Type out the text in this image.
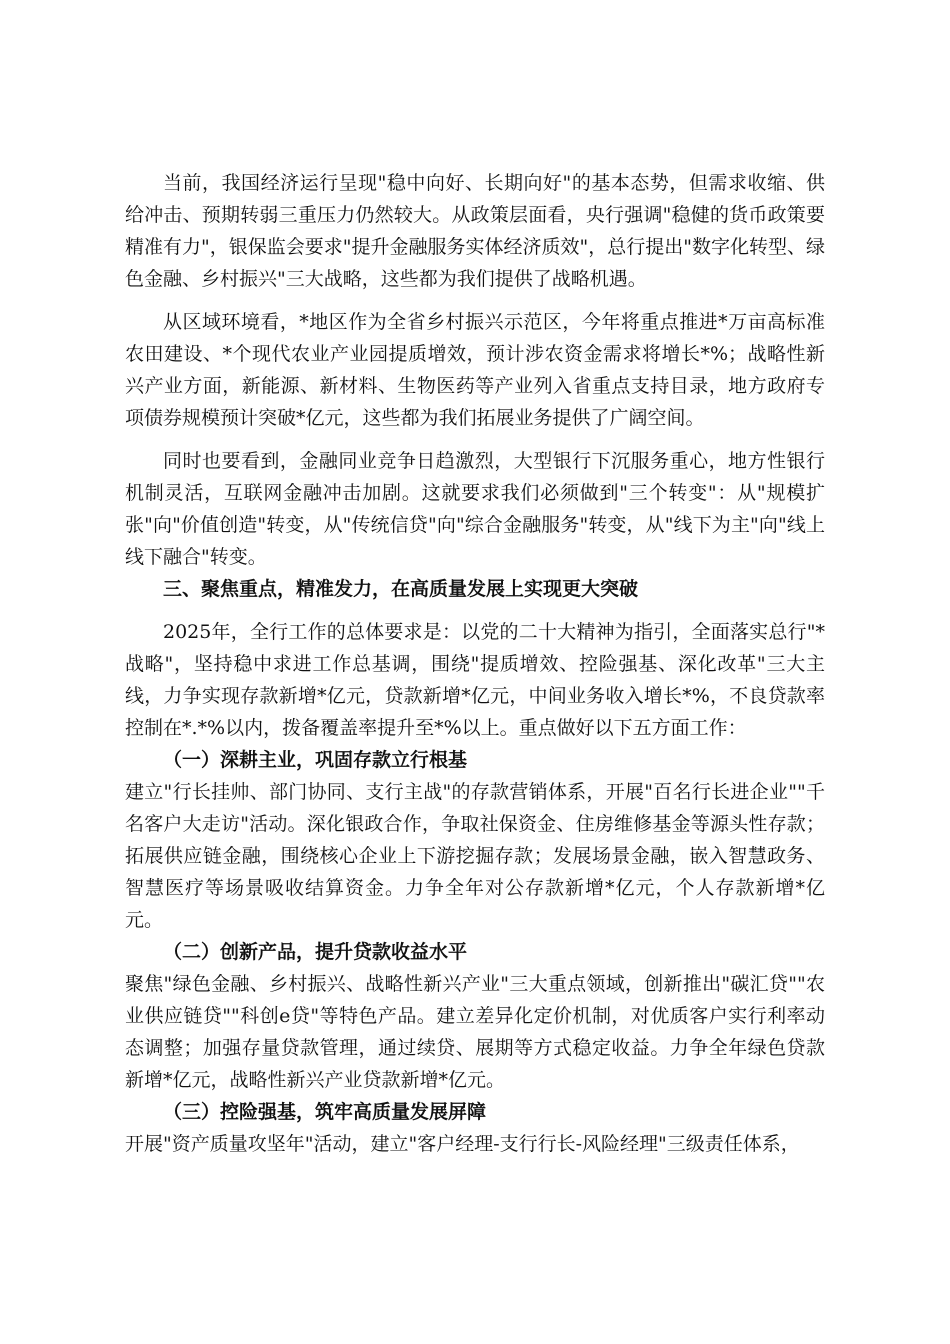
当前，我国经济运行呈现"稳中向好、长期向好"的基本态势，但需求收缩、供给冲击、预期转弱三重压力仍然较大。从政策层面看，央行强调"稳健的货币政策要精准有力"，银保监会要求"提升金融服务实体经济质效"，总行提出"数字化转型、绿色金融、乡村振兴"三大战略，这些都为我们提供了战略机遇。

从区域环境看，*地区作为全省乡村振兴示范区，今年将重点推进*万亩高标准农田建设、*个现代农业产业园提质增效，预计涉农资金需求将增长*%；战略性新兴产业方面，新能源、新材料、生物医药等产业列入省重点支持目录，地方政府专项债券规模预计突破*亿元，这些都为我们拓展业务提供了广阔空间。

同时也要看到，金融同业竞争日趋激烈，大型银行下沉服务重心，地方性银行机制灵活，互联网金融冲击加剧。这就要求我们必须做到"三个转变"：从"规模扩张"向"价值创造"转变，从"传统信贷"向"综合金融服务"转变，从"线下为主"向"线上线下融合"转变。

三、聚焦重点，精准发力，在高质量发展上实现更大突破

2025年，全行工作的总体要求是：以党的二十大精神为指引，全面落实总行"*战略"，坚持稳中求进工作总基调，围绕"提质增效、控险强基、深化改革"三大主线，力争实现存款新增*亿元，贷款新增*亿元，中间业务收入增长*%，不良贷款率控制在*.*%以内，拨备覆盖率提升至*%以上。重点做好以下五方面工作：

（一）深耕主业，巩固存款立行根基

建立"行长挂帅、部门协同、支行主战"的存款营销体系，开展"百名行长进企业""千名客户大走访"活动。深化银政合作，争取社保资金、住房维修基金等源头性存款；拓展供应链金融，围绕核心企业上下游挖掘存款；发展场景金融，嵌入智慧政务、智慧医疗等场景吸收结算资金。力争全年对公存款新增*亿元，个人存款新增*亿元。

（二）创新产品，提升贷款收益水平

聚焦"绿色金融、乡村振兴、战略性新兴产业"三大重点领域，创新推出"碳汇贷""农业供应链贷""科创e贷"等特色产品。建立差异化定价机制，对优质客户实行利率动态调整；加强存量贷款管理，通过续贷、展期等方式稳定收益。力争全年绿色贷款新增*亿元，战略性新兴产业贷款新增*亿元。

（三）控险强基，筑牢高质量发展屏障

开展"资产质量攻坚年"活动，建立"客户经理-支行行长-风险经理"三级责任体系，
